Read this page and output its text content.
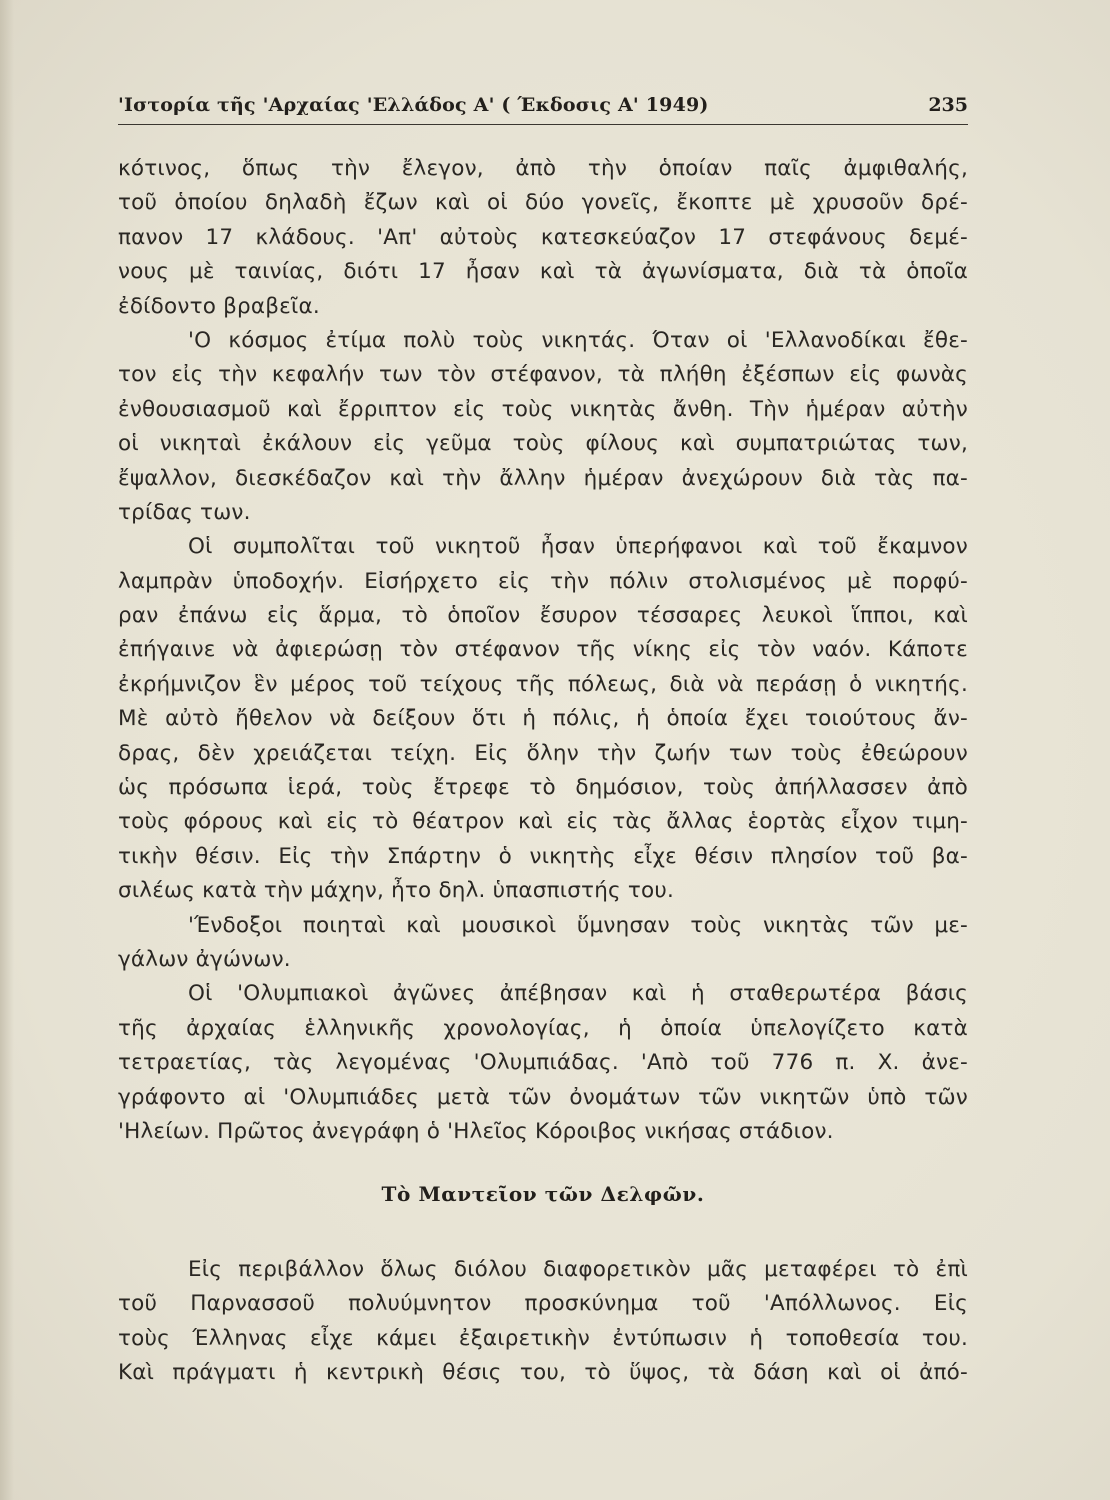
'Ιστορία τῆς 'Αρχαίας 'Ελλάδος Α' ( Έκδοσις Α' 1949)	235
κότινος, ὅπως τὴν ἔλεγον, ἀπὸ τὴν ὁποίαν παῖς ἀμφιθαλής,
τοῦ ὁποίου δηλαδὴ ἔζων καὶ οἱ δύο γονεῖς, ἔκοπτε μὲ χρυσοῦν δρέ-
πανον 17 κλάδους. 'Απ' αὐτοὺς κατεσκεύαζον 17 στεφάνους δεμέ-
νους μὲ ταινίας, διότι 17 ἦσαν καὶ τὰ ἀγωνίσματα, διὰ τὰ ὁποῖα
ἐδίδοντο βραβεῖα.
'Ο κόσμος ἐτίμα πολὺ τοὺς νικητάς. Όταν οἱ 'Ελλανοδίκαι ἔθε-
τον εἰς τὴν κεφαλήν των τὸν στέφανον, τὰ πλήθη ἐξέσπων εἰς φωνὰς
ἐνθουσιασμοῦ καὶ ἔρριπτον εἰς τοὺς νικητὰς ἄνθη. Τὴν ἡμέραν αὐτὴν
οἱ νικηταὶ ἐκάλουν εἰς γεῦμα τοὺς φίλους καὶ συμπατριώτας των,
ἔψαλλον, διεσκέδαζον καὶ τὴν ἄλλην ἡμέραν ἀνεχώρουν διὰ τὰς πα-
τρίδας των.
Οἱ συμπολῖται τοῦ νικητοῦ ἦσαν ὑπερήφανοι καὶ τοῦ ἔκαμνον
λαμπρὰν ὑποδοχήν. Εἰσήρχετο εἰς τὴν πόλιν στολισμένος μὲ πορφύ-
ραν ἐπάνω εἰς ἅρμα, τὸ ὁποῖον ἔσυρον τέσσαρες λευκοὶ ἵπποι, καὶ
ἐπήγαινε νὰ ἀφιερώσῃ τὸν στέφανον τῆς νίκης εἰς τὸν ναόν. Κάποτε
ἐκρήμνιζον ἓν μέρος τοῦ τείχους τῆς πόλεως, διὰ νὰ περάσῃ ὁ νικητής.
Μὲ αὐτὸ ἤθελον νὰ δείξουν ὅτι ἡ πόλις, ἡ ὁποία ἔχει τοιούτους ἄν-
δρας, δὲν χρειάζεται τείχη. Εἰς ὅλην τὴν ζωήν των τοὺς ἐθεώρουν
ὡς πρόσωπα ἱερά, τοὺς ἔτρεφε τὸ δημόσιον, τοὺς ἀπήλλασσεν ἀπὸ
τοὺς φόρους καὶ εἰς τὸ θέατρον καὶ εἰς τὰς ἄλλας ἑορτὰς εἶχον τιμη-
τικὴν θέσιν. Εἰς τὴν Σπάρτην ὁ νικητὴς εἶχε θέσιν πλησίον τοῦ βα-
σιλέως κατὰ τὴν μάχην, ἦτο δηλ. ὑπασπιστής του.
'Ένδοξοι ποιηταὶ καὶ μουσικοὶ ὕμνησαν τοὺς νικητὰς τῶν με-
γάλων ἀγώνων.
Οἱ 'Ολυμπιακοὶ ἀγῶνες ἀπέβησαν καὶ ἡ σταθερωτέρα βάσις
τῆς ἀρχαίας ἑλληνικῆς χρονολογίας, ἡ ὁποία ὑπελογίζετο κατὰ
τετραετίας, τὰς λεγομένας 'Ολυμπιάδας. 'Απὸ τοῦ 776 π. Χ. ἀνε-
γράφοντο αἱ 'Ολυμπιάδες μετὰ τῶν ὀνομάτων τῶν νικητῶν ὑπὸ τῶν
'Ηλείων. Πρῶτος ἀνεγράφη ὁ 'Ηλεῖος Κόροιβος νικήσας στάδιον.
Τὸ Μαντεῖον τῶν Δελφῶν.
Εἰς περιβάλλον ὅλως διόλου διαφορετικὸν μᾶς μεταφέρει τὸ ἐπὶ
τοῦ Παρνασσοῦ πολυύμνητον προσκύνημα τοῦ 'Απόλλωνος. Εἰς
τοὺς Έλληνας εἶχε κάμει ἐξαιρετικὴν ἐντύπωσιν ἡ τοποθεσία του.
Καὶ πράγματι ἡ κεντρικὴ θέσις του, τὸ ὕψος, τὰ δάση καὶ οἱ ἀπό-
